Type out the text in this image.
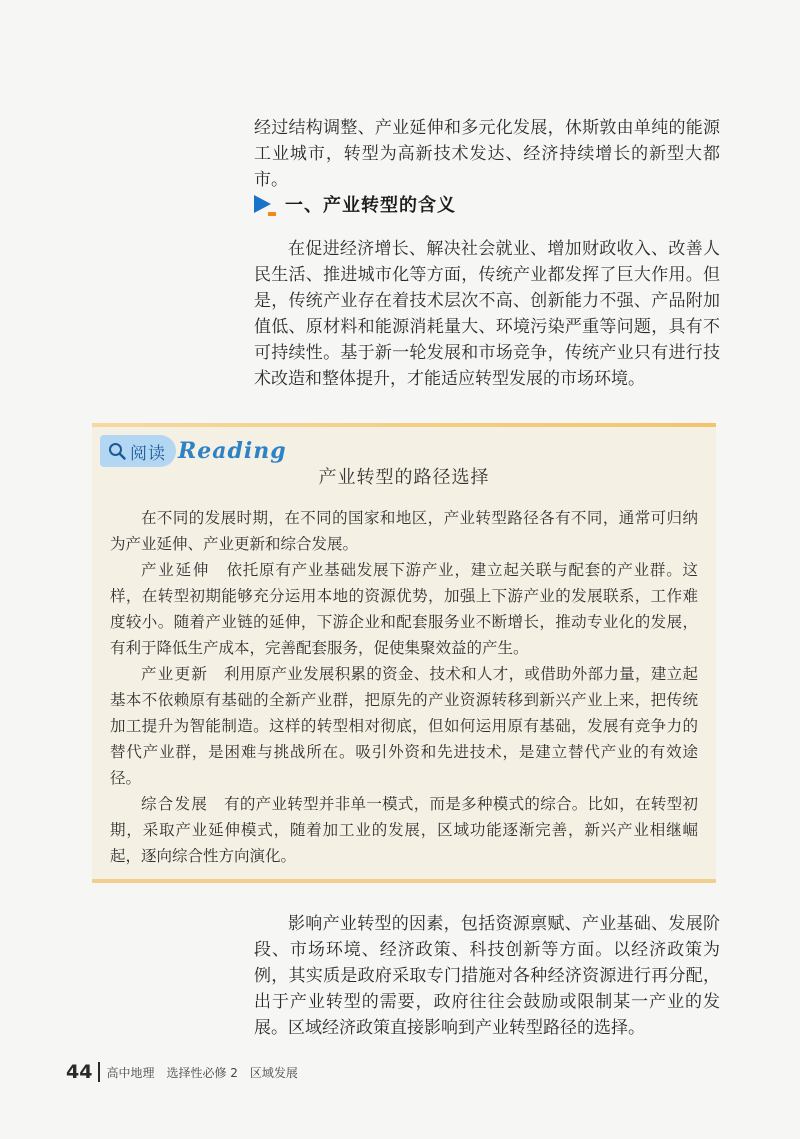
经过结构调整、产业延伸和多元化发展，休斯敦由单纯的能源工业城市，转型为高新技术发达、经济持续增长的新型大都市。

一、产业转型的含义

在促进经济增长、解决社会就业、增加财政收入、改善人民生活、推进城市化等方面，传统产业都发挥了巨大作用。但是，传统产业存在着技术层次不高、创新能力不强、产品附加值低、原材料和能源消耗量大、环境污染严重等问题，具有不可持续性。基于新一轮发展和市场竞争，传统产业只有进行技术改造和整体提升，才能适应转型发展的市场环境。

阅读 Reading
产业转型的路径选择

在不同的发展时期，在不同的国家和地区，产业转型路径各有不同，通常可归纳为产业延伸、产业更新和综合发展。

产业延伸　 依托原有产业基础发展下游产业，建立起关联与配套的产业群。这样，在转型初期能够充分运用本地的资源优势，加强上下游产业的发展联系，工作难度较小。随着产业链的延伸，下游企业和配套服务业不断增长，推动专业化的发展，有利于降低生产成本，完善配套服务，促使集聚效益的产生。

产业更新　 利用原产业发展积累的资金、技术和人才，或借助外部力量，建立起基本不依赖原有基础的全新产业群，把原先的产业资源转移到新兴产业上来，把传统加工提升为智能制造。这样的转型相对彻底，但如何运用原有基础，发展有竞争力的替代产业群，是困难与挑战所在。吸引外资和先进技术，是建立替代产业的有效途径。

综合发展　 有的产业转型并非单一模式，而是多种模式的综合。比如，在转型初期，采取产业延伸模式，随着加工业的发展，区域功能逐渐完善，新兴产业相继崛起，逐向综合性方向演化。

影响产业转型的因素，包括资源禀赋、产业基础、发展阶段、市场环境、经济政策、科技创新等方面。以经济政策为例，其实质是政府采取专门措施对各种经济资源进行再分配，出于产业转型的需要，政府往往会鼓励或限制某一产业的发展。区域经济政策直接影响到产业转型路径的选择。

44 高中地理　选择性必修 2　区域发展
